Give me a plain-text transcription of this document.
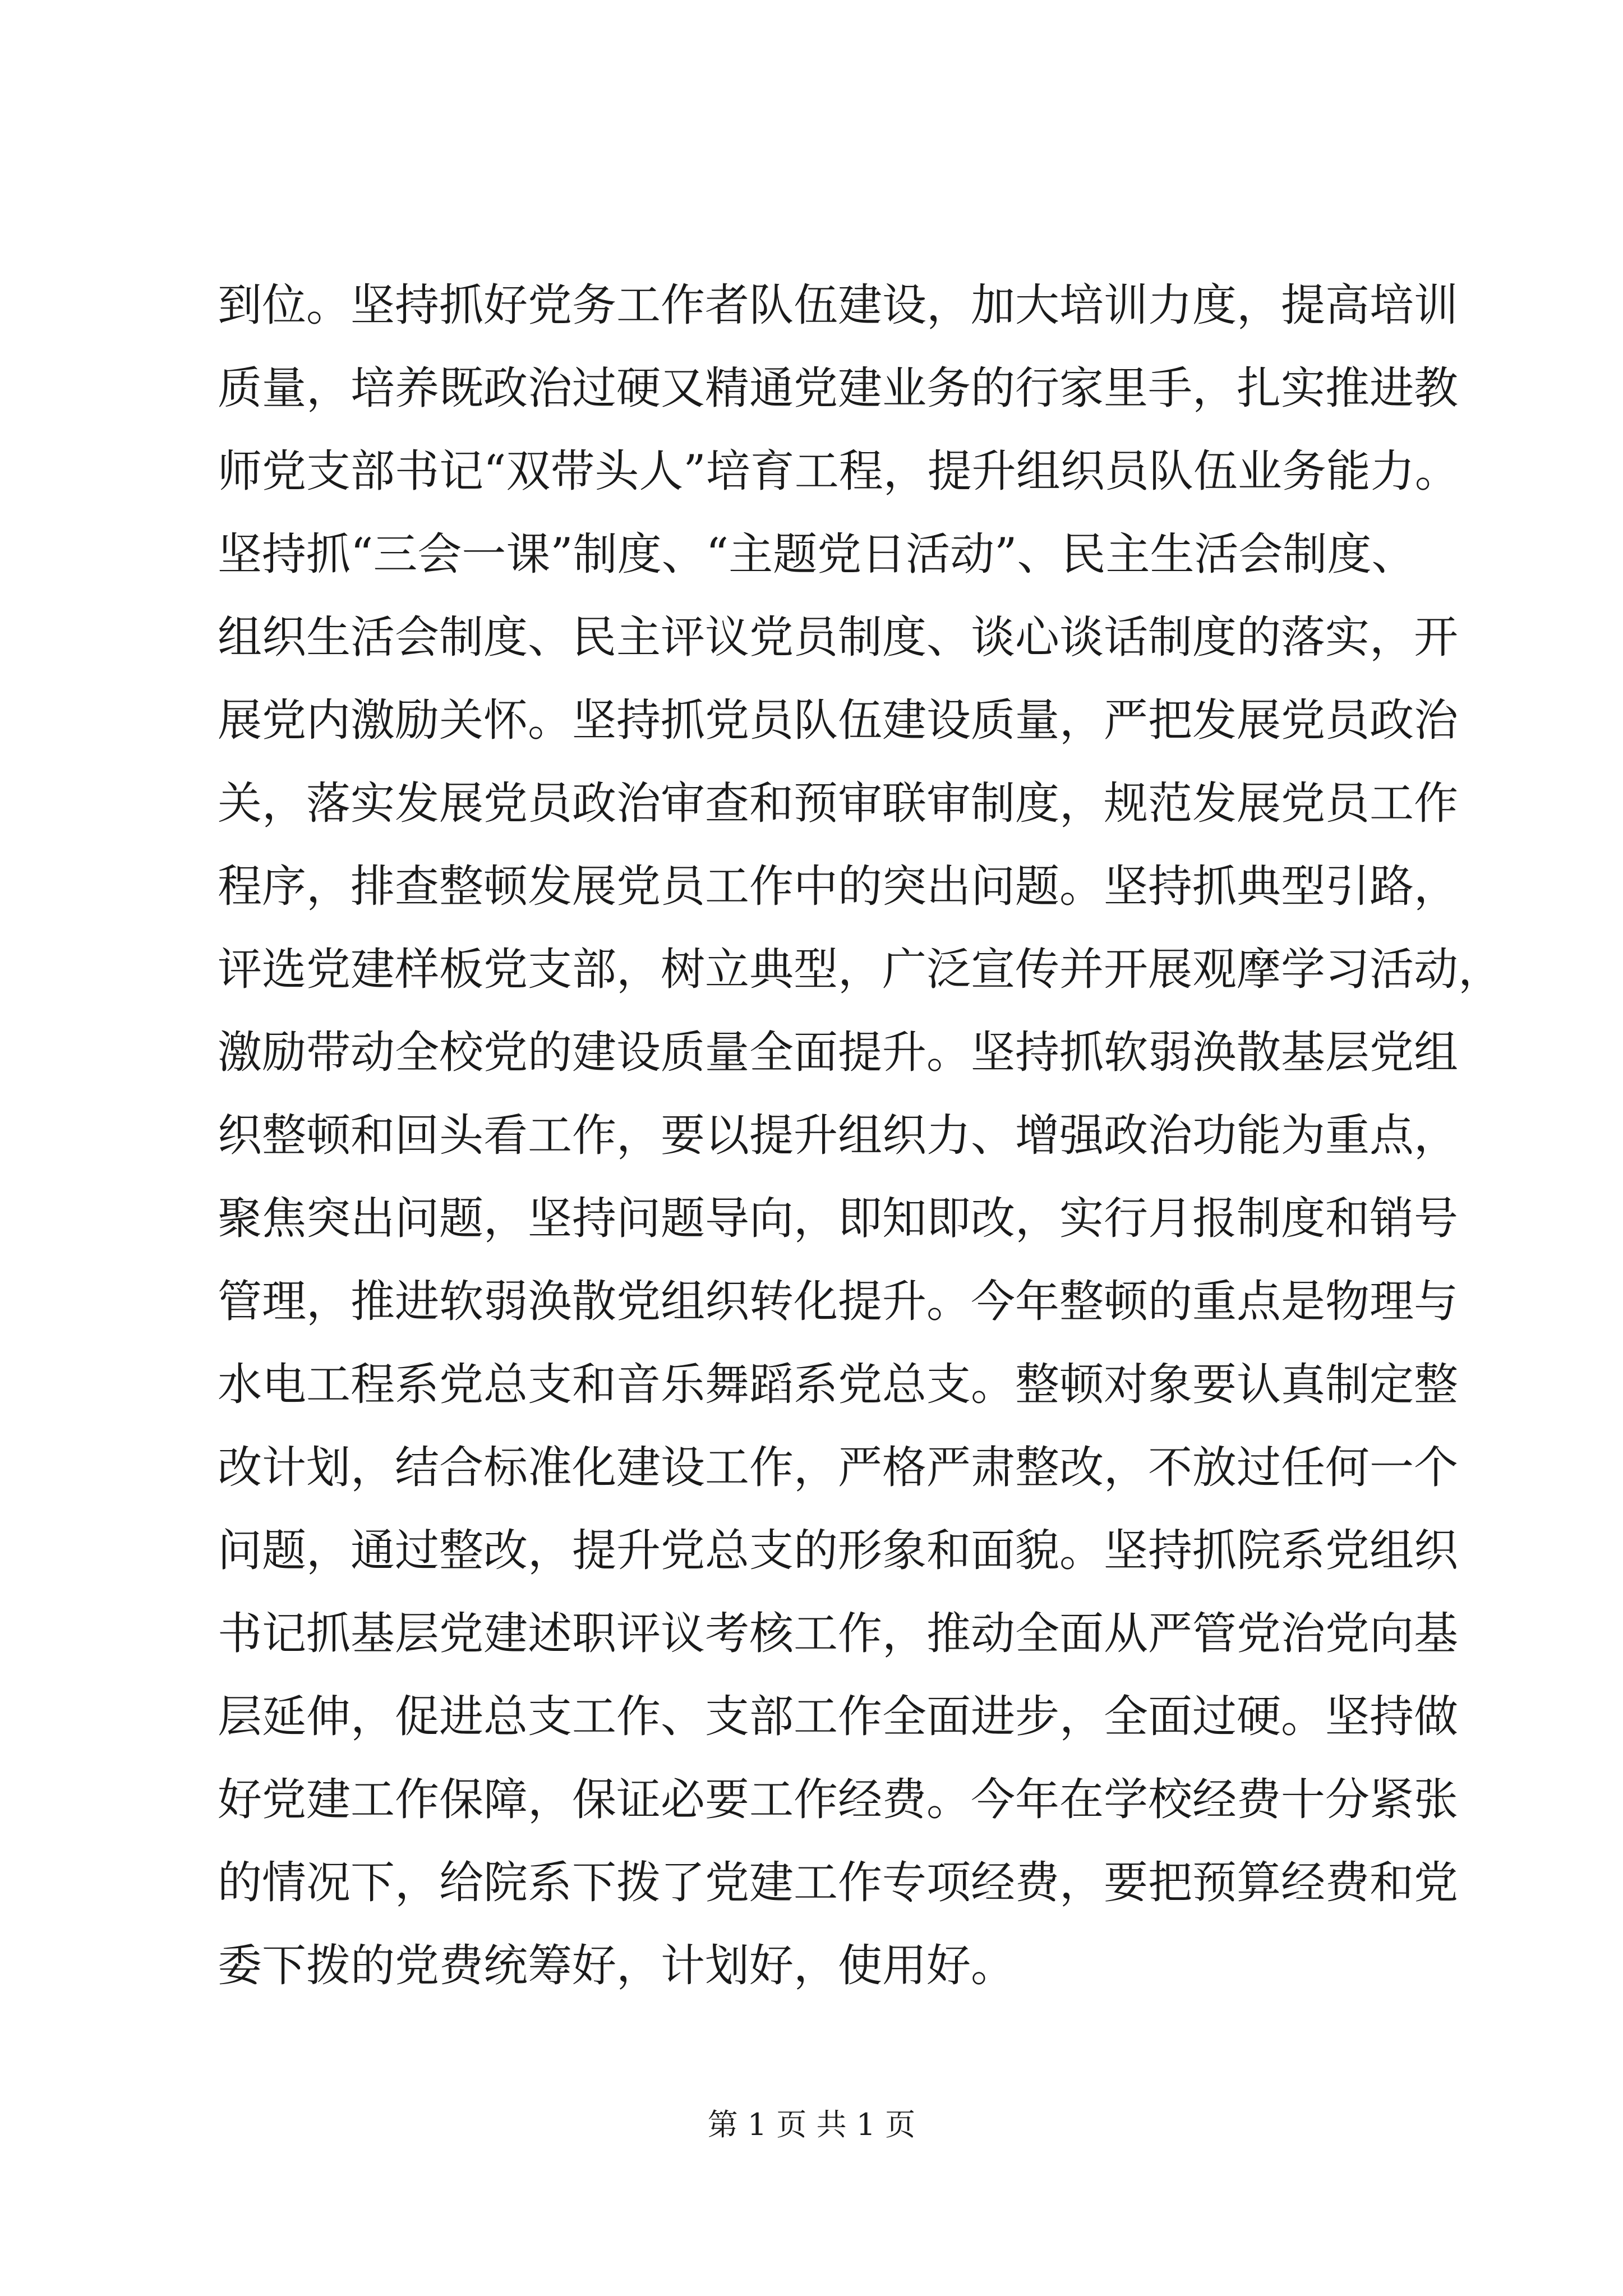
到位。坚持抓好党务工作者队伍建设，加大培训力度，提高培训
质量，培养既政治过硬又精通党建业务的行家里手，扎实推进教
师党支部书记“双带头人”培育工程，提升组织员队伍业务能力。
坚持抓“三会一课”制度、“主题党日活动”、民主生活会制度、
组织生活会制度、民主评议党员制度、谈心谈话制度的落实，开
展党内激励关怀。坚持抓党员队伍建设质量，严把发展党员政治
关，落实发展党员政治审查和预审联审制度，规范发展党员工作
程序，排查整顿发展党员工作中的突出问题。坚持抓典型引路，
评选党建样板党支部，树立典型，广泛宣传并开展观摩学习活动，
激励带动全校党的建设质量全面提升。坚持抓软弱涣散基层党组
织整顿和回头看工作，要以提升组织力、增强政治功能为重点，
聚焦突出问题，坚持问题导向，即知即改，实行月报制度和销号
管理，推进软弱涣散党组织转化提升。今年整顿的重点是物理与
水电工程系党总支和音乐舞蹈系党总支。整顿对象要认真制定整
改计划，结合标准化建设工作，严格严肃整改，不放过任何一个
问题，通过整改，提升党总支的形象和面貌。坚持抓院系党组织
书记抓基层党建述职评议考核工作，推动全面从严管党治党向基
层延伸，促进总支工作、支部工作全面进步，全面过硬。坚持做
好党建工作保障，保证必要工作经费。今年在学校经费十分紧张
的情况下，给院系下拨了党建工作专项经费，要把预算经费和党
委下拨的党费统筹好，计划好，使用好。
第 1 页 共 1 页
